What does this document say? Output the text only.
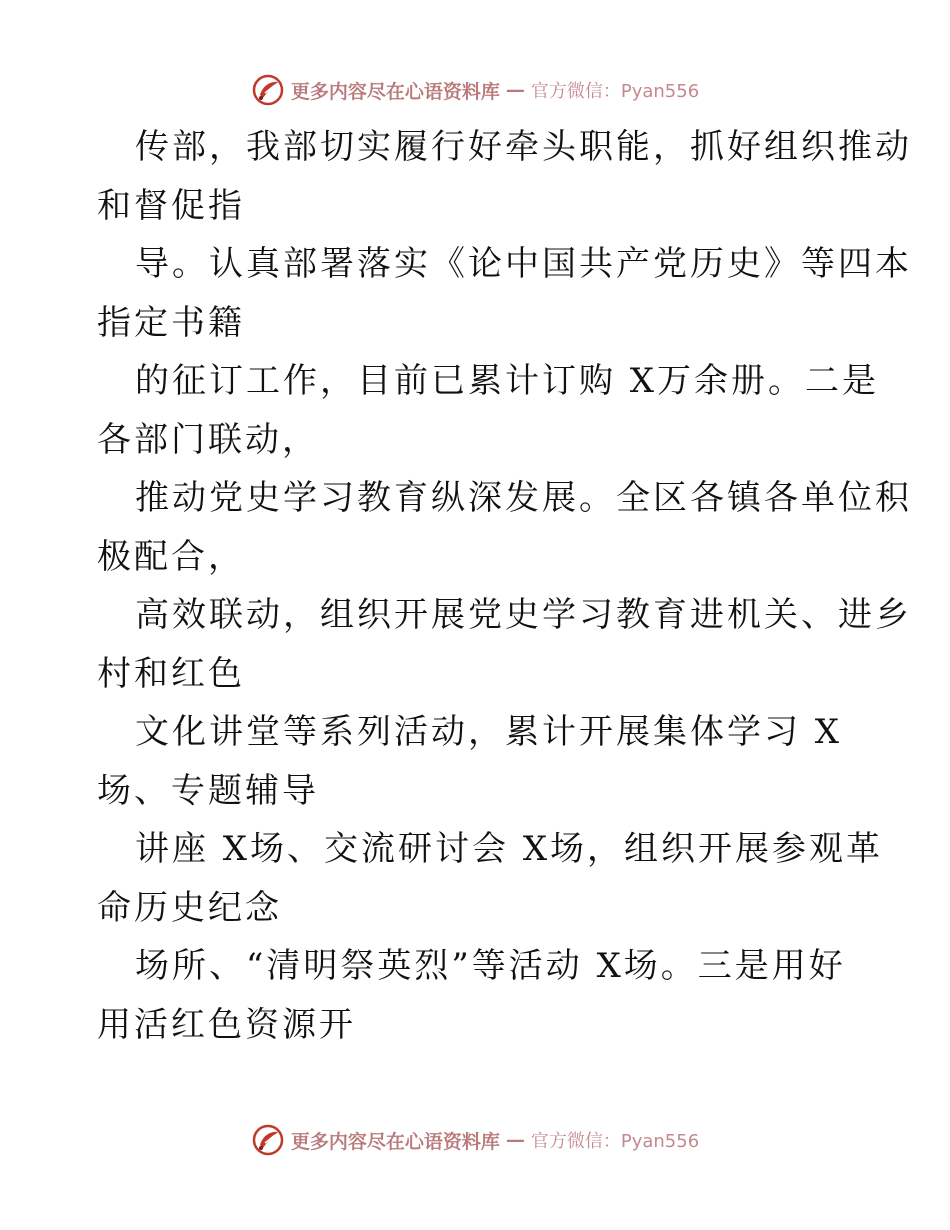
更多内容尽在心语资料库 — 官方微信：Pyan556
传部，我部切实履行好牵头职能，抓好组织推动
和督促指
导。认真部署落实《论中国共产党历史》等四本
指定书籍
的征订工作，目前已累计订购 X万余册。二是
各部门联动，
推动党史学习教育纵深发展。全区各镇各单位积
极配合，
高效联动，组织开展党史学习教育进机关、进乡
村和红色
文化讲堂等系列活动，累计开展集体学习 X
场、专题辅导
讲座 X场、交流研讨会 X场，组织开展参观革
命历史纪念
场所、“清明祭英烈”等活动 X场。三是用好
用活红色资源开
更多内容尽在心语资料库 — 官方微信：Pyan556
